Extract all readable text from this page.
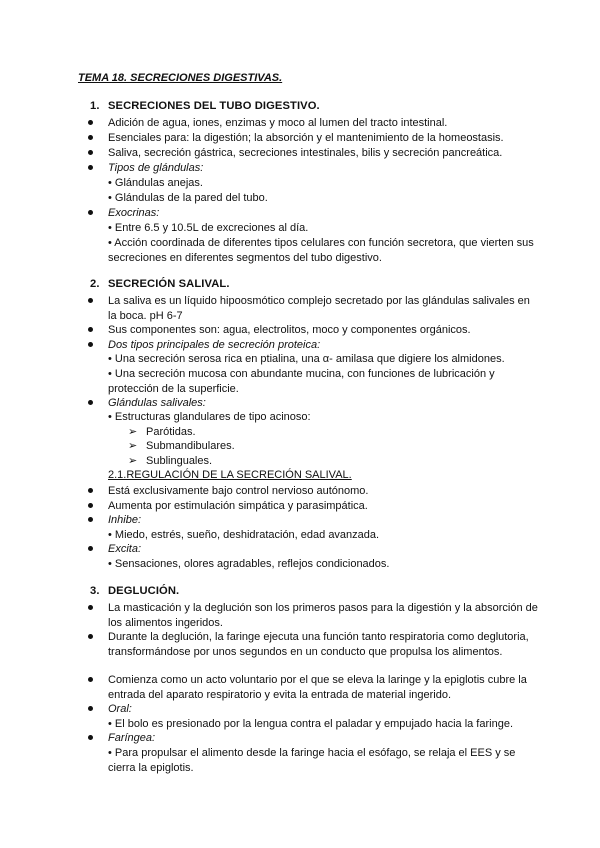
TEMA 18. SECRECIONES DIGESTIVAS.
1. SECRECIONES DEL TUBO DIGESTIVO.
Adición de agua, iones, enzimas y moco al lumen del tracto intestinal.
Esenciales para: la digestión; la absorción y el mantenimiento de la homeostasis.
Saliva, secreción gástrica, secreciones intestinales, bilis y secreción pancreática.
Tipos de glándulas:
• Glándulas anejas.
• Glándulas de la pared del tubo.
Exocrinas:
• Entre 6.5 y 10.5L de excreciones al día.
• Acción coordinada de diferentes tipos celulares con función secretora, que vierten sus secreciones en diferentes segmentos del tubo digestivo.
2. SECRECIÓN SALIVAL.
La saliva es un líquido hipoosmótico complejo secretado por las glándulas salivales en la boca. pH 6-7
Sus componentes son: agua, electrolitos, moco y componentes orgánicos.
Dos tipos principales de secreción proteica:
• Una secreción serosa rica en ptialina, una α- amilasa que digiere los almidones.
• Una secreción mucosa con abundante mucina, con funciones de lubricación y protección de la superficie.
Glándulas salivales:
• Estructuras glandulares de tipo acinoso:
➢ Parótidas.
➢ Submandibulares.
➢ Sublinguales.
2.1.REGULACIÓN DE LA SECRECIÓN SALIVAL.
Está exclusivamente bajo control nervioso autónomo.
Aumenta por estimulación simpática y parasimpática.
Inhibe:
• Miedo, estrés, sueño, deshidratación, edad avanzada.
Excita:
• Sensaciones, olores agradables, reflejos condicionados.
3. DEGLUCIÓN.
La masticación y la deglución son los primeros pasos para la digestión y la absorción de los alimentos ingeridos.
Durante la deglución, la faringe ejecuta una función tanto respiratoria como deglutoria, transformándose por unos segundos en un conducto que propulsa los alimentos.
Comienza como un acto voluntario por el que se eleva la laringe y la epiglotis cubre la entrada del aparato respiratorio y evita la entrada de material ingerido.
Oral:
• El bolo es presionado por la lengua contra el paladar y empujado hacia la faringe.
Faríngea:
• Para propulsar el alimento desde la faringe hacia el esófago, se relaja el EES y se cierra la epiglotis.
